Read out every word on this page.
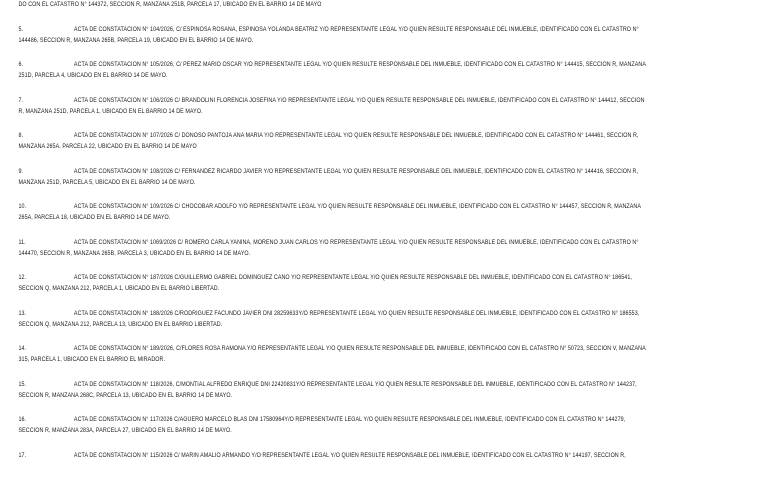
DO CON EL CATASTRO N° 144372, SECCION R, MANZANA 251B, PARCELA 17, UBICADO EN EL BARRIO 14 DE MAYO
5.	ACTA DE CONSTATACION N° 104/2026, C/ ESPINOSA ROSANA, ESPINOSA YOLANDA BEATRIZ Y/O REPRESENTANTE LEGAL Y/O QUIEN RESULTE RESPONSABLE DEL INMUEBLE, IDENTIFICADO CON EL CATASTRO N°
144486, SECCION R, MANZANA 265B, PARCELA 19, UBICADO EN EL BARRIO 14 DE MAYO.
6.	ACTA DE CONSTATACION N° 105/2026, C/ PEREZ MARIO OSCAR Y/O REPRESENTANTE LEGAL Y/O QUIEN RESULTE RESPONSABLE DEL INMUEBLE, IDENTIFICADO CON EL CATASTRO N° 144415, SECCION R, MANZANA
251D, PARCELA 4, UBICADO EN EL BARRIO 14 DE MAYO.
7.	ACTA DE CONSTATACION N° 106/2026 C/ BRANDOLINI FLORENCIA JOSEFINA Y/O REPRESENTANTE LEGAL Y/O QUIEN RESULTE RESPONSABLE DEL INMUEBLE, IDENTIFICADO CON EL CATASTRO N° 144412, SECCION
R, MANZANA 251D, PARCELA 1, UBICADO EN EL BARRIO 14 DE MAYO.
8.	ACTA DE CONSTATACION N° 107/2026 C/ DONOSO PANTOJA ANA MARIA Y/O REPRESENTANTE LEGAL Y/O QUIEN RESULTE RESPONSABLE DEL INMUEBLE, IDENTIFICADO CON EL CATASTRO N° 144461, SECCION R,
MANZANA 265A, PARCELA 22, UBICADO EN EL BARRIO 14 DE MAYO
9.	ACTA DE CONSTATACION N° 108/2026 C/ FERNANDEZ RICARDO JAVIER Y/O REPRESENTANTE LEGAL Y/O QUIEN RESULTE RESPONSABLE DEL INMUEBLE, IDENTIFICADO CON EL CATASTRO N° 144416, SECCION R,
MANZANA 251D, PARCELA 5, UBICADO EN EL BARRIO 14 DE MAYO.
10.	ACTA DE CONSTATACION N° 109/2026 C/ CHOCOBAR ADOLFO Y/O REPRESENTANTE LEGAL Y/O QUIEN RESULTE RESPONSABLE DEL INMUEBLE, IDENTIFICADO CON EL CATASTRO N° 144457, SECCION R, MANZANA
265A, PARCELA 18, UBICADO EN EL BARRIO 14 DE MAYO.
11.	ACTA DE CONSTATACION N° 1069/2026 C/ ROMERO CARLA YANINA, MORENO JUAN CARLOS Y/O REPRESENTANTE LEGAL Y/O QUIEN RESULTE RESPONSABLE DEL INMUEBLE, IDENTIFICADO CON EL CATASTRO N°
144470, SECCION R, MANZANA 265B, PARCELA 3, UBICADO EN EL BARRIO 14 DE MAYO.
12.	ACTA DE CONSTATACION N° 187/2026 C/GUILLERMO GABRIEL DOMINGUEZ CANO Y/O REPRESENTANTE LEGAL Y/O QUIEN RESULTE RESPONSABLE DEL INMUEBLE, IDENTIFICADO CON EL CATASTRO N° 186541,
SECCION Q, MANZANA 212, PARCELA 1, UBICADO EN EL BARRIO LIBERTAD.
13.	ACTA DE CONSTATACION N° 188/2026 C/RODRIGUEZ FACUNDO JAVIER DNI 28259633Y/O REPRESENTANTE LEGAL Y/O QUIEN RESULTE RESPONSABLE DEL INMUEBLE, IDENTIFICADO CON EL CATASTRO N° 186553,
SECCION Q, MANZANA 212, PARCELA 13, UBICADO EN EL BARRIO LIBERTAD.
14.	ACTA DE CONSTATACION N° 189/2026, C/FLORES ROSA RAMONA Y/O REPRESENTANTE LEGAL Y/O QUIEN RESULTE RESPONSABLE DEL INMUEBLE, IDENTIFICADO CON EL CATASTRO N° 50723, SECCION V, MANZANA
315, PARCELA 1, UBICADO EN EL BARRIO EL MIRADOR.
15.	ACTA DE CONSTATACION N° 118/2026, C/MONTIAL ALFREDO ENRIQUE DNI 22420831Y/O REPRESENTANTE LEGAL Y/O QUIEN RESULTE RESPONSABLE DEL INMUEBLE, IDENTIFICADO CON EL CATASTRO N° 144237,
SECCION R, MANZANA 268C, PARCELA 13, UBICADO EN EL BARRIO 14 DE MAYO.
16.	ACTA DE CONSTATACION N° 117/2026 C/AGÜERO MARCELO BLAS DNI 17580964Y/O REPRESENTANTE LEGAL Y/O QUIEN RESULTE RESPONSABLE DEL INMUEBLE, IDENTIFICADO CON EL CATASTRO N° 144279,
SECCION R, MANZANA 283A, PARCELA 27, UBICADO EN EL BARRIO 14 DE MAYO.
17.	ACTA DE CONSTATACION N° 115/2026 C/ MARIN AMALIO ARMANDO Y/O REPRESENTANTE LEGAL Y/O QUIEN RESULTE RESPONSABLE DEL INMUEBLE, IDENTIFICADO CON EL CATASTRO N° 144197, SECCION R,
